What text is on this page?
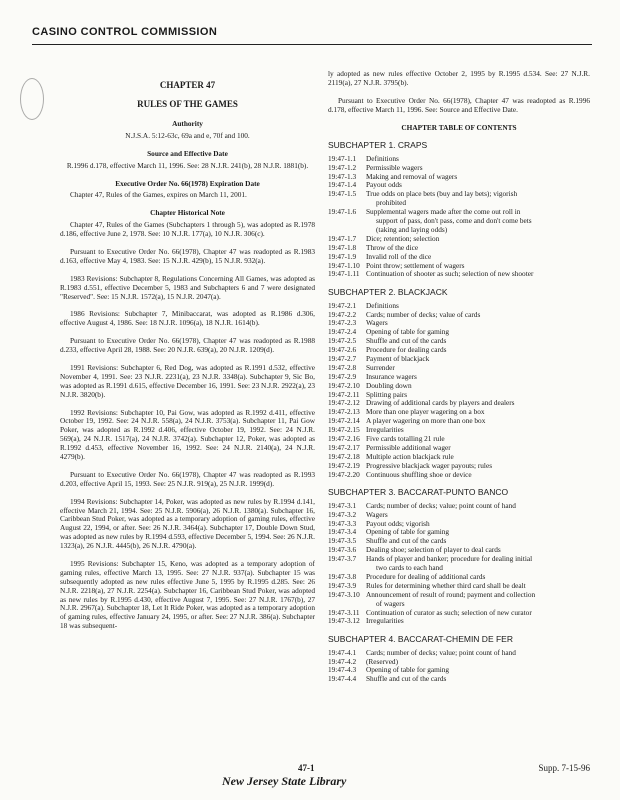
CASINO CONTROL COMMISSION
CHAPTER 47
RULES OF THE GAMES
Authority

N.J.S.A. 5:12-63c, 69a and e, 70f and 100.

Source and Effective Date

R.1996 d.178, effective March 11, 1996. See: 28 N.J.R. 241(b), 28 N.J.R. 1881(b).

Executive Order No. 66(1978) Expiration Date

Chapter 47, Rules of the Games, expires on March 11, 2001.

Chapter Historical Note

Chapter 47, Rules of the Games (Subchapters 1 through 5), was adopted as R.1978 d.186, effective June 2, 1978. See: 10 N.J.R. 177(a), 10 N.J.R. 306(c).

Pursuant to Executive Order No. 66(1978), Chapter 47 was readopted as R.1983 d.163, effective May 4, 1983. See: 15 N.J.R. 429(b), 15 N.J.R. 932(a).

1983 Revisions: Subchapter 8, Regulations Concerning All Games, was adopted as R.1983 d.551, effective December 5, 1983 and Subchapters 6 and 7 were designated "Reserved". See: 15 N.J.R. 1572(a), 15 N.J.R. 2047(a).

1986 Revisions: Subchapter 7, Minibaccarat, was adopted as R.1986 d.306, effective August 4, 1986. See: 18 N.J.R. 1096(a), 18 N.J.R. 1614(b).

Pursuant to Executive Order No. 66(1978), Chapter 47 was readopted as R.1988 d.233, effective April 28, 1988. See: 20 N.J.R. 639(a), 20 N.J.R. 1209(d).

1991 Revisions: Subchapter 6, Red Dog, was adopted as R.1991 d.532, effective November 4, 1991. See: 23 N.J.R. 2231(a), 23 N.J.R. 3348(a). Subchapter 9, Sic Bo, was adopted as R.1991 d.615, effective December 16, 1991. See: 23 N.J.R. 2922(a), 23 N.J.R. 3820(b).

1992 Revisions: Subchapter 10, Pai Gow, was adopted as R.1992 d.411, effective October 19, 1992. See: 24 N.J.R. 558(a), 24 N.J.R. 3753(a). Subchapter 11, Pai Gow Poker, was adopted as R.1992 d.406, effective October 19, 1992. See: 24 N.J.R. 569(a), 24 N.J.R. 1517(a), 24 N.J.R. 3742(a). Subchapter 12, Poker, was adopted as R.1992 d.453, effective November 16, 1992. See: 24 N.J.R. 2140(a), 24 N.J.R. 4279(b).

Pursuant to Executive Order No. 66(1978), Chapter 47 was readopted as R.1993 d.203, effective April 15, 1993. See: 25 N.J.R. 919(a), 25 N.J.R. 1999(d).

1994 Revisions: Subchapter 14, Poker, was adopted as new rules by R.1994 d.141, effective March 21, 1994. See: 25 N.J.R. 5906(a), 26 N.J.R. 1380(a). Subchapter 16, Caribbean Stud Poker, was adopted as a temporary adoption of gaming rules, effective August 22, 1994, or after. See: 26 N.J.R. 3464(a). Subchapter 17, Double Down Stud, was adopted as new rules by R.1994 d.593, effective December 5, 1994. See: 26 N.J.R. 1323(a), 26 N.J.R. 4445(b), 26 N.J.R. 4790(a).

1995 Revisions: Subchapter 15, Keno, was adopted as a temporary adoption of gaming rules, effective March 13, 1995. See: 27 N.J.R. 937(a). Subchapter 15 was subsequently adopted as new rules effective June 5, 1995 by R.1995 d.285. See: 26 N.J.R. 2218(a), 27 N.J.R. 2254(a). Subchapter 16, Caribbean Stud Poker, was adopted as new rules by R.1995 d.430, effective August 7, 1995. See: 27 N.J.R. 1767(b), 27 N.J.R. 2967(a). Subchapter 18, Let It Ride Poker, was adopted as a temporary adoption of gaming rules, effective January 24, 1995, or after. See: 27 N.J.R. 386(a). Subchapter 18 was subsequent-

ly adopted as new rules effective October 2, 1995 by R.1995 d.534. See: 27 N.J.R. 2119(a), 27 N.J.R. 3795(b).

Pursuant to Executive Order No. 66(1978), Chapter 47 was readopted as R.1996 d.178, effective March 11, 1996. See: Source and Effective Date.

CHAPTER TABLE OF CONTENTS
SUBCHAPTER 1. CRAPS
19:47-1.1	Definitions
19:47-1.2	Permissible wagers
19:47-1.3	Making and removal of wagers
19:47-1.4	Payout odds
19:47-1.5	True odds on place bets (buy and lay bets); vigorish
prohibited
19:47-1.6	Supplemental wagers made after the come out roll in
support of pass, don't pass, come and don't come bets
(taking and laying odds)
19:47-1.7	Dice; retention; selection
19:47-1.8	Throw of the dice
19:47-1.9	Invalid roll of the dice
19:47-1.10 Point throw; settlement of wagers
19:47-1.11 Continuation of shooter as such; selection of new shooter
SUBCHAPTER 2. BLACKJACK
19:47-2.1	Definitions
19:47-2.2	Cards; number of decks; value of cards
19:47-2.3	Wagers
19:47-2.4	Opening of table for gaming
19:47-2.5	Shuffle and cut of the cards
19:47-2.6	Procedure for dealing cards
19:47-2.7	Payment of blackjack
19:47-2.8	Surrender
19:47-2.9	Insurance wagers
19:47-2.10 Doubling down
19:47-2.11 Splitting pairs
19:47-2.12 Drawing of additional cards by players and dealers
19:47-2.13 More than one player wagering on a box
19:47-2.14 A player wagering on more than one box
19:47-2.15 Irregularities
19:47-2.16 Five cards totalling 21 rule
19:47-2.17 Permissible additional wager
19:47-2.18 Multiple action blackjack rule
19:47-2.19 Progressive blackjack wager payouts; rules
19:47-2.20 Continuous shuffling shoe or device
SUBCHAPTER 3. BACCARAT-PUNTO BANCO
19:47-3.1	Cards; number of decks; value; point count of hand
19:47-3.2	Wagers
19:47-3.3	Payout odds; vigorish
19:47-3.4	Opening of table for gaming
19:47-3.5	Shuffle and cut of the cards
19:47-3.6	Dealing shoe; selection of player to deal cards
19:47-3.7	Hands of player and banker; procedure for dealing initial
two cards to each hand
19:47-3.8	Procedure for dealing of additional cards
19:47-3.9	Rules for determining whether third card shall be dealt
19:47-3.10 Announcement of result of round; payment and collection
of wagers
19:47-3.11 Continuation of curator as such; selection of new curator
19:47-3.12 Irregularities
SUBCHAPTER 4. BACCARAT-CHEMIN DE FER
19:47-4.1	Cards; number of decks; value; point count of hand
19:47-4.2	(Reserved)
19:47-4.3	Opening of table for gaming
19:47-4.4	Shuffle and cut of the cards
47-1	Supp. 7-15-96
New Jersey State Library
